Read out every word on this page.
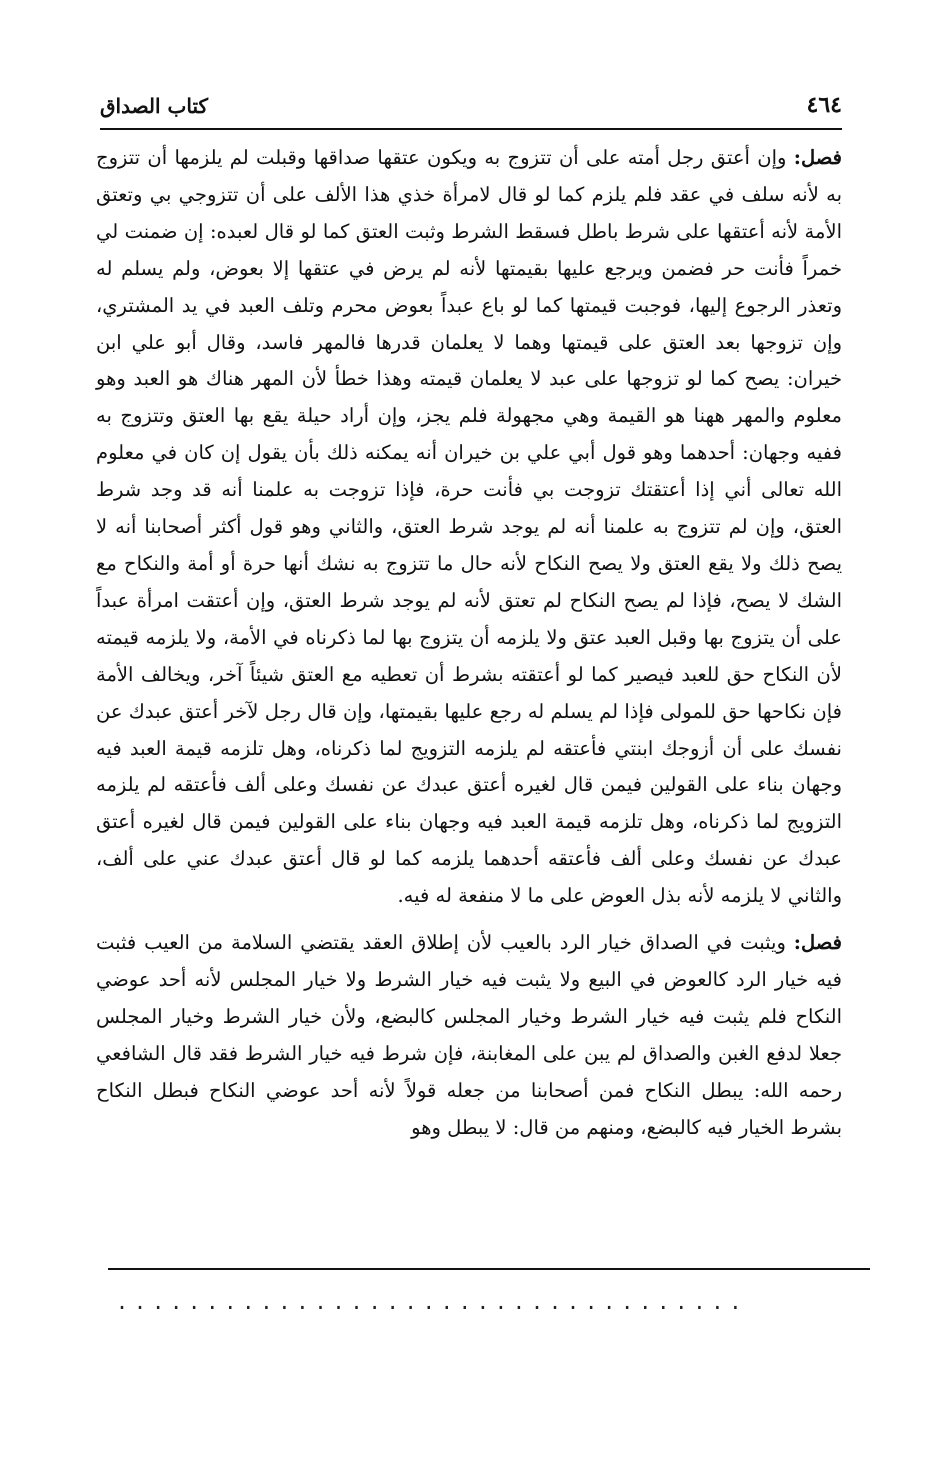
٤٦٤
كتاب الصداق

فصل: وإن أعتق رجل أمته على أن تتزوج به ويكون عتقها صداقها وقبلت لم يلزمها أن تتزوج به لأنه سلف في عقد فلم يلزم كما لو قال لامرأة خذي هذا الألف على أن تتزوجي بي وتعتق الأمة لأنه أعتقها على شرط باطل فسقط الشرط وثبت العتق كما لو قال لعبده: إن ضمنت لي خمراً فأنت حر فضمن ويرجع عليها بقيمتها لأنه لم يرض في عتقها إلا بعوض، ولم يسلم له وتعذر الرجوع إليها، فوجبت قيمتها كما لو باع عبداً بعوض محرم وتلف العبد في يد المشتري، وإن تزوجها بعد العتق على قيمتها وهما لا يعلمان قدرها فالمهر فاسد، وقال أبو علي ابن خيران: يصح كما لو تزوجها على عبد لا يعلمان قيمته وهذا خطأ لأن المهر هناك هو العبد وهو معلوم والمهر ههنا هو القيمة وهي مجهولة فلم يجز، وإن أراد حيلة يقع بها العتق وتتزوج به ففيه وجهان: أحدهما وهو قول أبي علي بن خيران أنه يمكنه ذلك بأن يقول إن كان في معلوم الله تعالى أني إذا أعتقتك تزوجت بي فأنت حرة، فإذا تزوجت به علمنا أنه قد وجد شرط العتق، وإن لم تتزوج به علمنا أنه لم يوجد شرط العتق، والثاني وهو قول أكثر أصحابنا أنه لا يصح ذلك ولا يقع العتق ولا يصح النكاح لأنه حال ما تتزوج به نشك أنها حرة أو أمة والنكاح مع الشك لا يصح، فإذا لم يصح النكاح لم تعتق لأنه لم يوجد شرط العتق، وإن أعتقت امرأة عبداً على أن يتزوج بها وقبل العبد عتق ولا يلزمه أن يتزوج بها لما ذكرناه في الأمة، ولا يلزمه قيمته لأن النكاح حق للعبد فيصير كما لو أعتقته بشرط أن تعطيه مع العتق شيئاً آخر، ويخالف الأمة فإن نكاحها حق للمولى فإذا لم يسلم له رجع عليها بقيمتها، وإن قال رجل لآخر أعتق عبدك عن نفسك على أن أزوجك ابنتي فأعتقه لم يلزمه التزويج لما ذكرناه، وهل تلزمه قيمة العبد فيه وجهان بناء على القولين فيمن قال لغيره أعتق عبدك عن نفسك وعلى ألف فأعتقه لم يلزمه التزويج لما ذكرناه، وهل تلزمه قيمة العبد فيه وجهان بناء على القولين فيمن قال لغيره أعتق عبدك عن نفسك وعلى ألف فأعتقه أحدهما يلزمه كما لو قال أعتق عبدك عني على ألف، والثاني لا يلزمه لأنه بذل العوض على ما لا منفعة له فيه.

فصل: ويثبت في الصداق خيار الرد بالعيب لأن إطلاق العقد يقتضي السلامة من العيب فثبت فيه خيار الرد كالعوض في البيع ولا يثبت فيه خيار الشرط ولا خيار المجلس لأنه أحد عوضي النكاح فلم يثبت فيه خيار الشرط وخيار المجلس كالبضع، ولأن خيار الشرط وخيار المجلس جعلا لدفع الغبن والصداق لم يبن على المغابنة، فإن شرط فيه خيار الشرط فقد قال الشافعي رحمه الله: يبطل النكاح فمن أصحابنا من جعله قولاً لأنه أحد عوضي النكاح فبطل النكاح بشرط الخيار فيه كالبضع، ومنهم من قال: لا يبطل وهو

...................................
